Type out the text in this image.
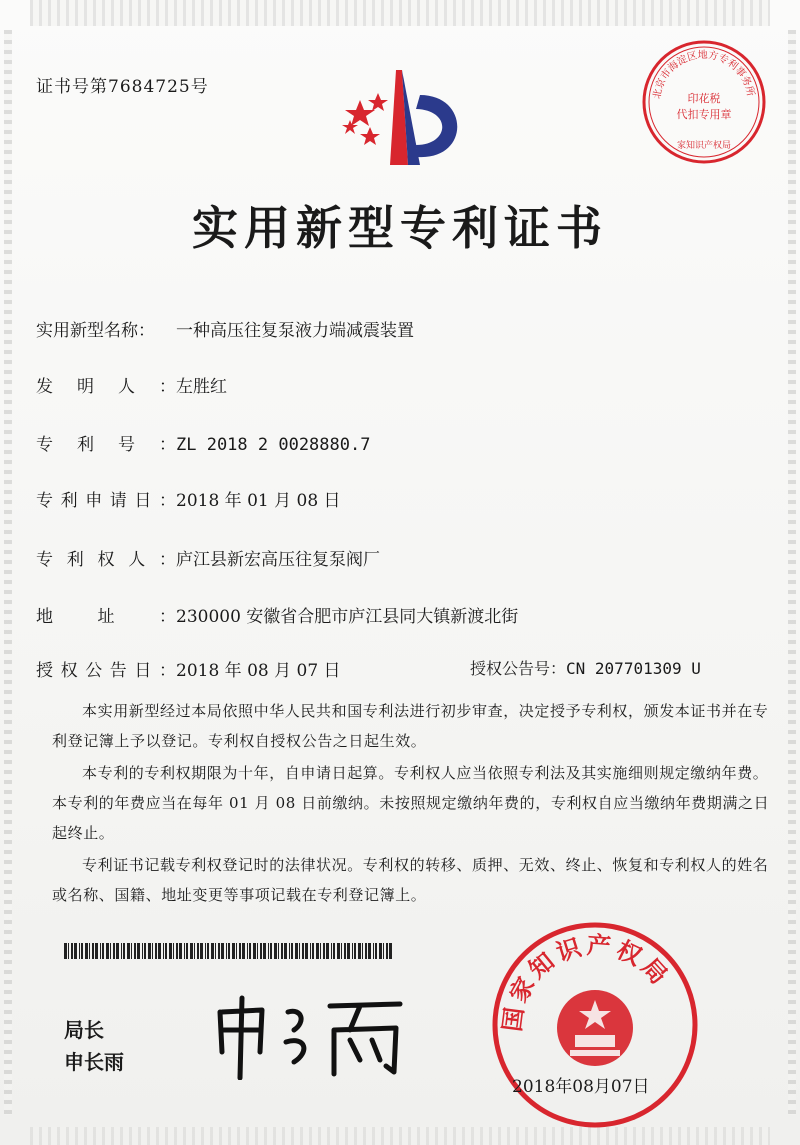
证书号第7684725号	北京市海淀区地方专利事务所
印花税
代扣专用章
家知识产权局
实用新型专利证书
实用新型名称： 一种高压往复泵液力端减震装置
发明人：左胜红
专利号：ZL 2018 2 0028880.7
专利申请日：2018 年 01 月 08 日
专利权人：庐江县新宏高压往复泵阀厂
地址：230000 安徽省合肥市庐江县同大镇新渡北街
授权公告日：2018 年 08 月 07 日	授权公告号：CN 207701309 U

本实用新型经过本局依照中华人民共和国专利法进行初步审查，决定授予专利权，颁发本证书并在专利登记簿上予以登记。专利权自授权公告之日起生效。

本专利的专利权期限为十年，自申请日起算。专利权人应当依照专利法及其实施细则规定缴纳年费。本专利的年费应当在每年 01 月 08 日前缴纳。未按照规定缴纳年费的，专利权自应当缴纳年费期满之日起终止。

专利证书记载专利权登记时的法律状况。专利权的转移、质押、无效、终止、恢复和专利权人的姓名或名称、国籍、地址变更等事项记载在专利登记簿上。

局长
申长雨
国家知识产权局
2018年08月07日
